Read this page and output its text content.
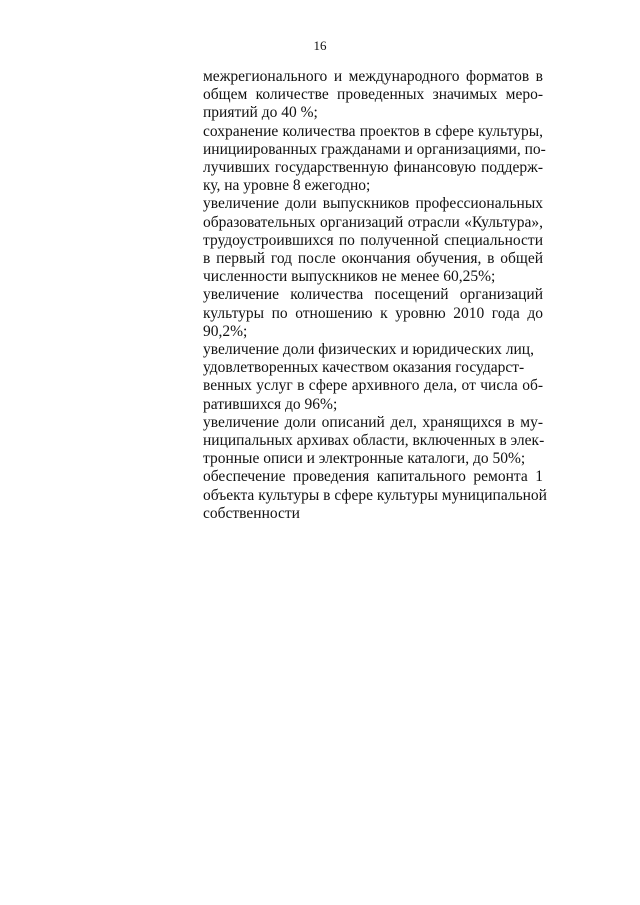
16
межрегионального и международного форматов в
общем количестве проведенных значимых меро-
приятий до 40 %;
сохранение количества проектов в сфере культуры,
инициированных гражданами и организациями, по-
лучивших государственную финансовую поддерж-
ку, на уровне 8 ежегодно;
увеличение доли выпускников профессиональных
образовательных организаций отрасли «Культура»,
трудоустроившихся по полученной специальности
в первый год после окончания обучения, в общей
численности выпускников не менее 60,25%;
увеличение количества посещений организаций
культуры по отношению к уровню 2010 года до
90,2%;
увеличение доли физических и юридических лиц,
удовлетворенных качеством оказания государст-
венных услуг в сфере архивного дела, от числа об-
ратившихся до 96%;
увеличение доли описаний дел, хранящихся в му-
ниципальных архивах области, включенных в элек-
тронные описи и электронные каталоги, до 50%;
обеспечение проведения капитального ремонта 1
объекта культуры в сфере культуры муниципальной
собственности
